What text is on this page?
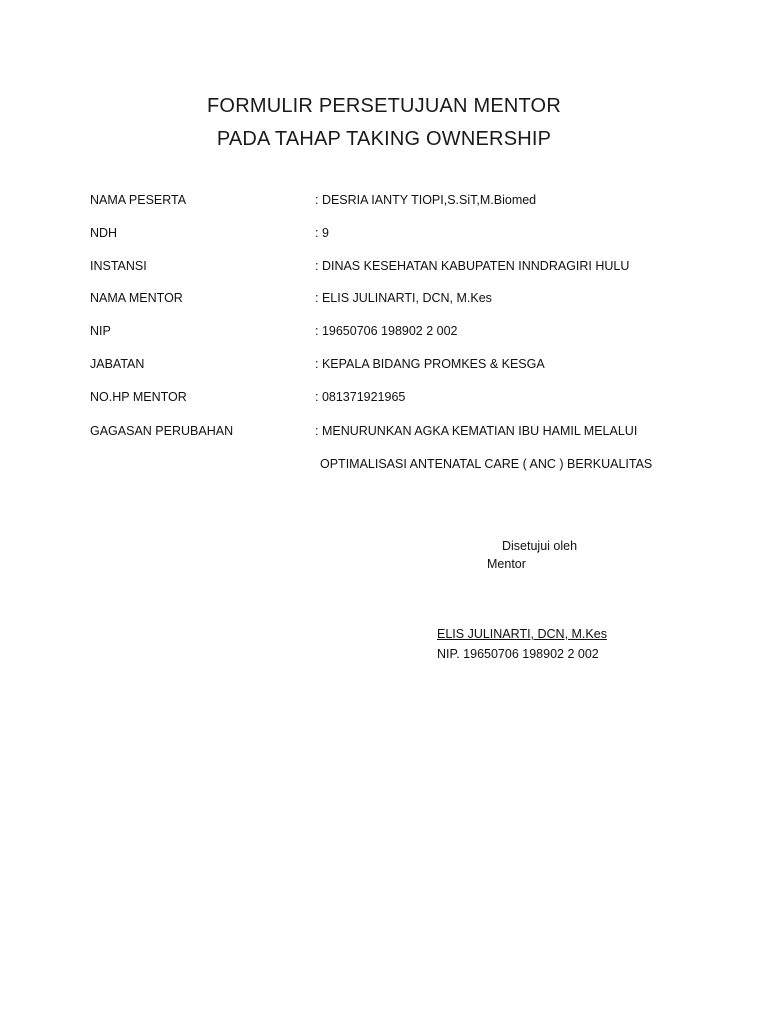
FORMULIR PERSETUJUAN MENTOR
PADA TAHAP TAKING OWNERSHIP
NAMA PESERTA	: DESRIA IANTY TIOPI,S.SiT,M.Biomed
NDH	: 9
INSTANSI	: DINAS KESEHATAN KABUPATEN INNDRAGIRI HULU
NAMA MENTOR	: ELIS JULINARTI, DCN, M.Kes
NIP	: 19650706 198902 2 002
JABATAN	: KEPALA BIDANG PROMKES & KESGA
NO.HP MENTOR	: 081371921965
GAGASAN PERUBAHAN	: MENURUNKAN AGKA KEMATIAN IBU HAMIL MELALUI
OPTIMALISASI ANTENATAL CARE ( ANC ) BERKUALITAS
Disetujui oleh
Mentor
ELIS JULINARTI, DCN, M.Kes
NIP. 19650706 198902 2 002
